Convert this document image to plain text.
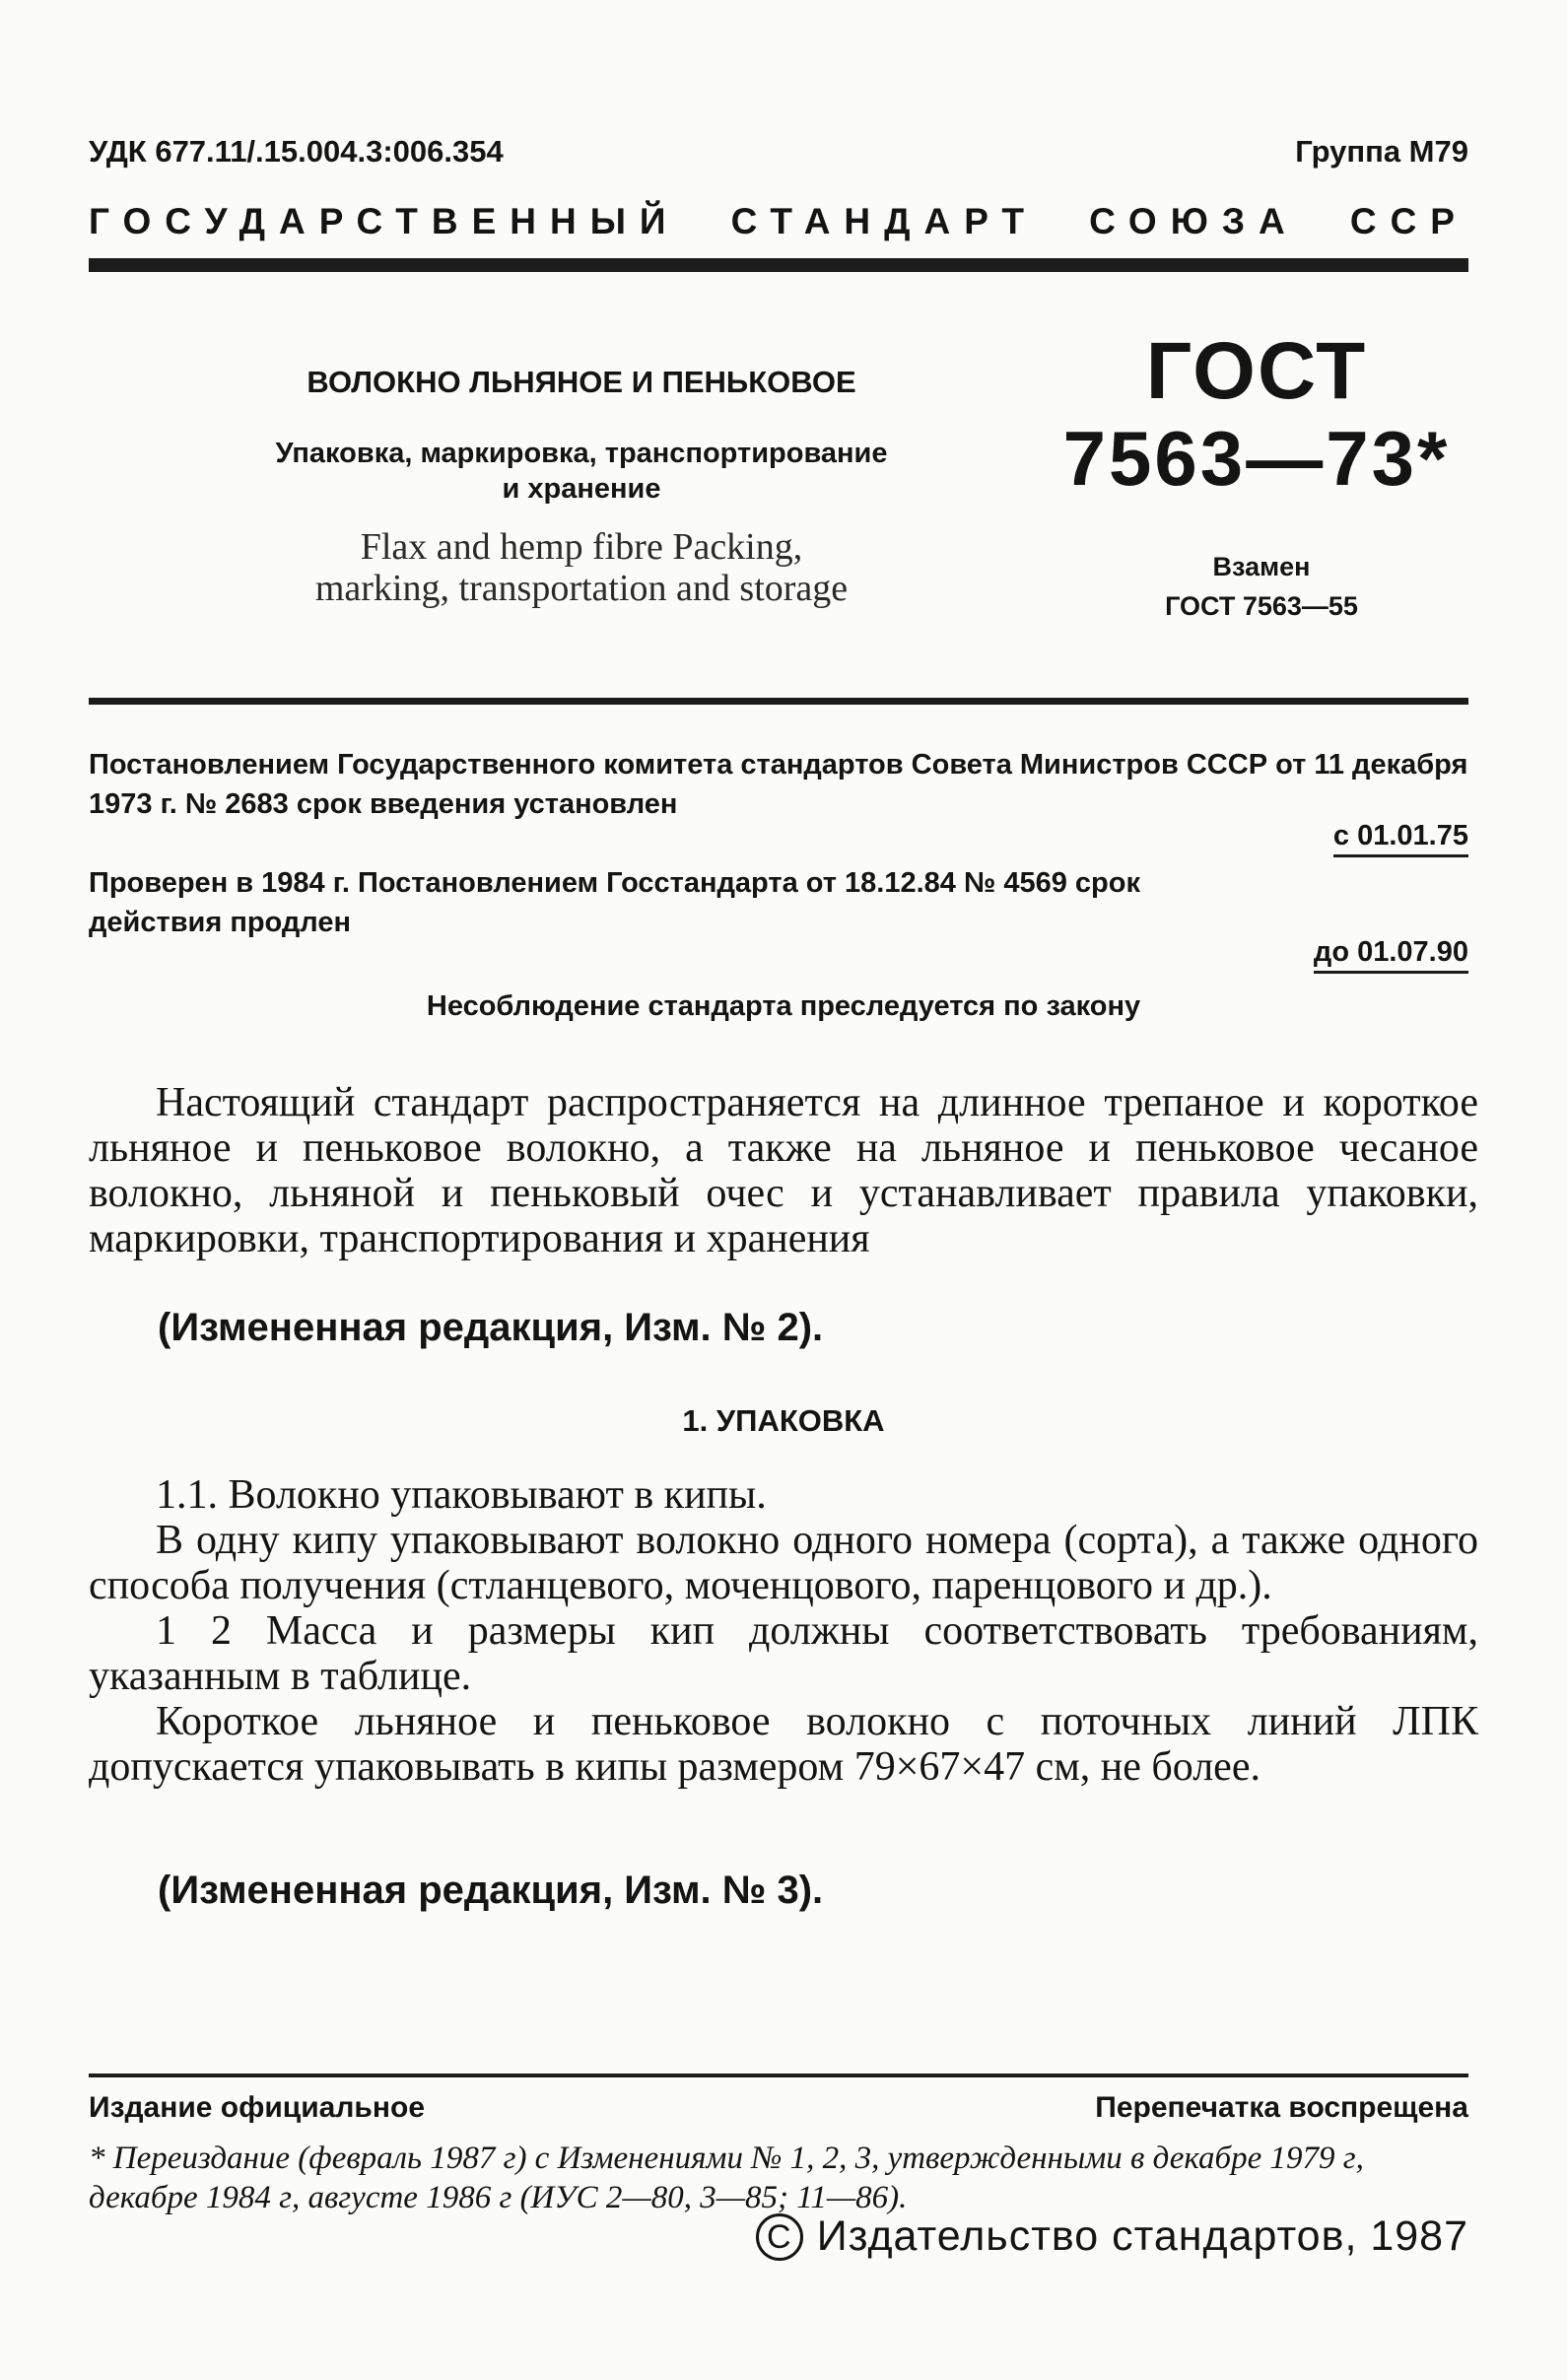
УДК 677.11/.15.004.3:006.354	Группа М79
ГОСУДАРСТВЕННЫЙ СТАНДАРТ СОЮЗА ССР
ВОЛОКНО ЛЬНЯНОЕ И ПЕНЬКОВОЕ
Упаковка, маркировка, транспортирование
и хранение
Flax and hemp fibre Packing,
marking, transportation and storage
ГОСТ
7563—73*
Взамен
ГОСТ 7563—55
Постановлением Государственного комитета стандартов Совета Министров СССР от 11 декабря 1973 г. № 2683 срок введения установлен
с 01.01.75
Проверен в 1984 г. Постановлением Госстандарта от 18.12.84 № 4569 срок действия продлен
до 01.07.90
Несоблюдение стандарта преследуется по закону
Настоящий стандарт распространяется на длинное трепаное и короткое льняное и пеньковое волокно, а также на льняное и пеньковое чесаное волокно, льняной и пеньковый очес и устанавливает правила упаковки, маркировки, транспортирования и хранения
(Измененная редакция, Изм. № 2).
1. УПАКОВКА
1.1. Волокно упаковывают в кипы.
В одну кипу упаковывают волокно одного номера (сорта), а также одного способа получения (стланцевого, моченцового, паренцового и др.).
1 2 Масса и размеры кип должны соответствовать требованиям, указанным в таблице.
Короткое льняное и пеньковое волокно с поточных линий ЛПК допускается упаковывать в кипы размером 79×67×47 см, не более.
(Измененная редакция, Изм. № 3).
Издание официальное	Перепечатка воспрещена
* Переиздание (февраль 1987 г) с Изменениями № 1, 2, 3, утвержденными в декабре 1979 г, декабре 1984 г, августе 1986 г (ИУС 2—80, 3—85; 11—86).
С Издательство стандартов, 1987
